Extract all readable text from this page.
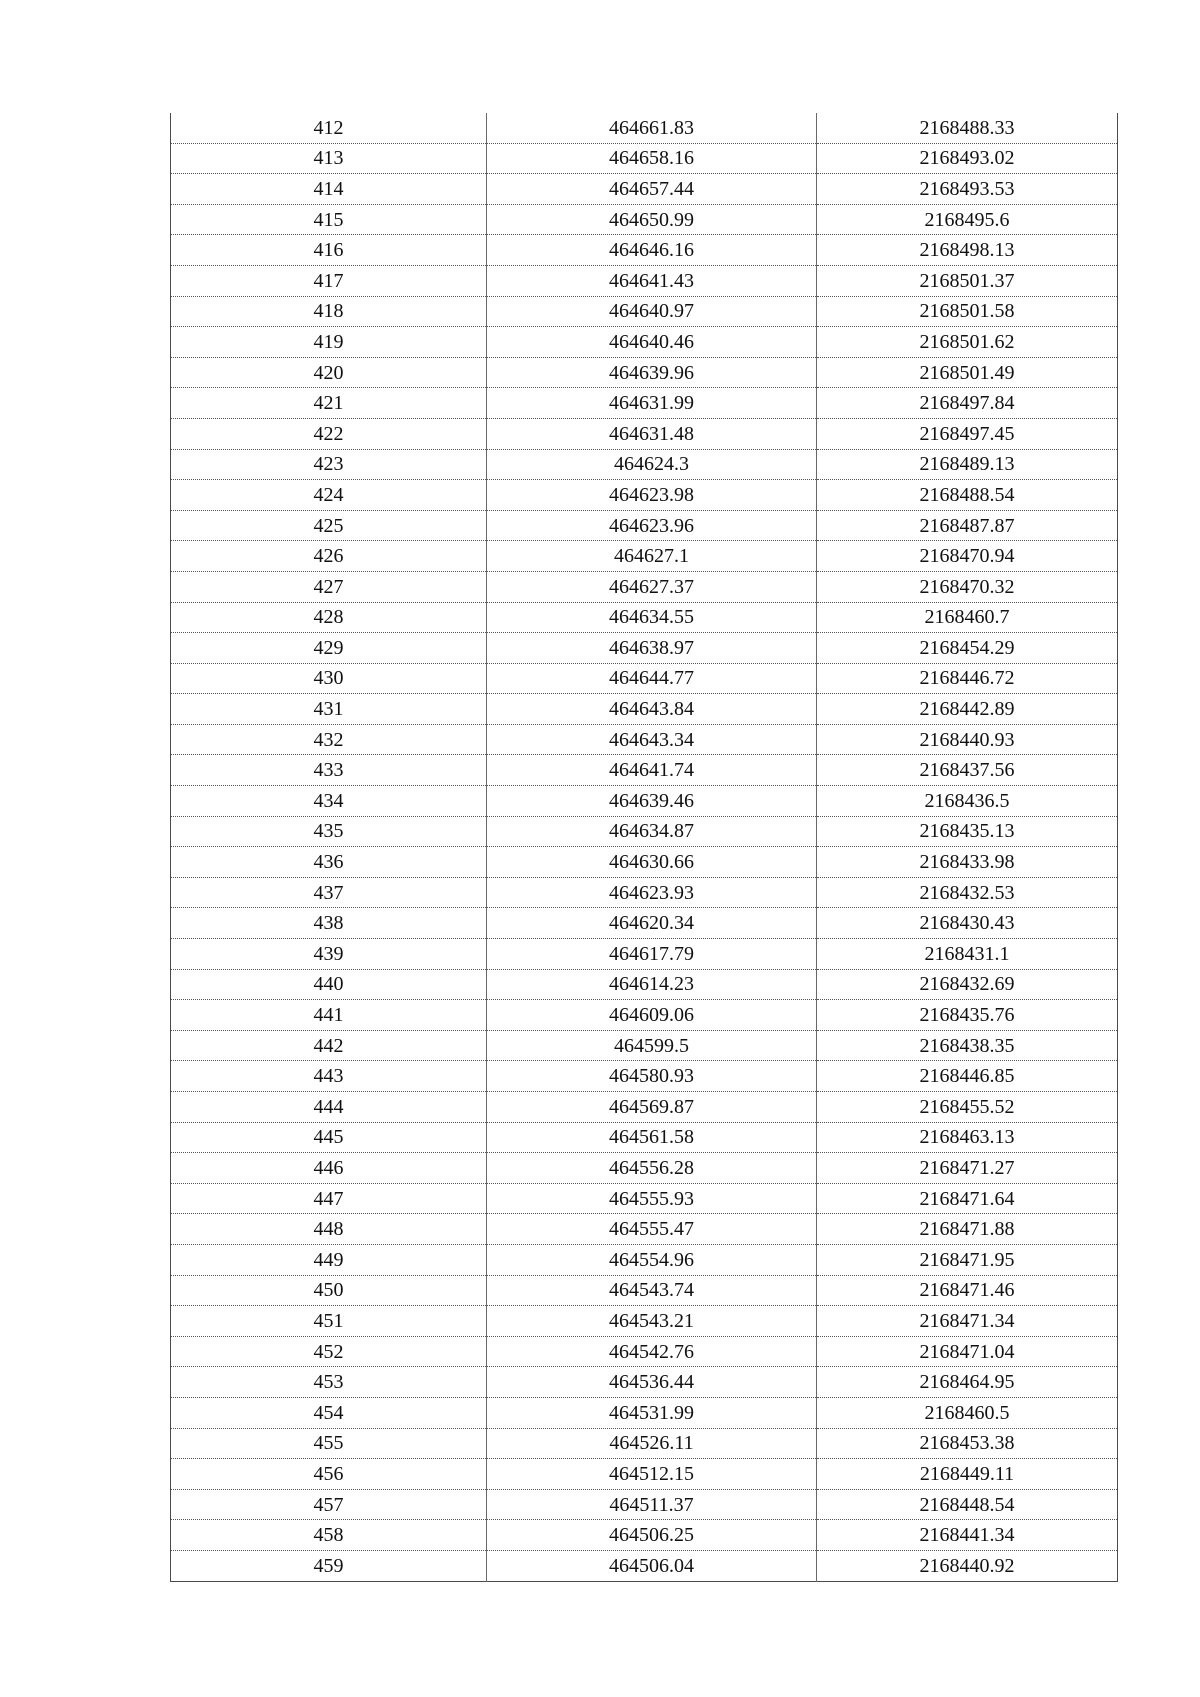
412	464661.83	2168488.33
413	464658.16	2168493.02
414	464657.44	2168493.53
415	464650.99	2168495.6
416	464646.16	2168498.13
417	464641.43	2168501.37
418	464640.97	2168501.58
419	464640.46	2168501.62
420	464639.96	2168501.49
421	464631.99	2168497.84
422	464631.48	2168497.45
423	464624.3	2168489.13
424	464623.98	2168488.54
425	464623.96	2168487.87
426	464627.1	2168470.94
427	464627.37	2168470.32
428	464634.55	2168460.7
429	464638.97	2168454.29
430	464644.77	2168446.72
431	464643.84	2168442.89
432	464643.34	2168440.93
433	464641.74	2168437.56
434	464639.46	2168436.5
435	464634.87	2168435.13
436	464630.66	2168433.98
437	464623.93	2168432.53
438	464620.34	2168430.43
439	464617.79	2168431.1
440	464614.23	2168432.69
441	464609.06	2168435.76
442	464599.5	2168438.35
443	464580.93	2168446.85
444	464569.87	2168455.52
445	464561.58	2168463.13
446	464556.28	2168471.27
447	464555.93	2168471.64
448	464555.47	2168471.88
449	464554.96	2168471.95
450	464543.74	2168471.46
451	464543.21	2168471.34
452	464542.76	2168471.04
453	464536.44	2168464.95
454	464531.99	2168460.5
455	464526.11	2168453.38
456	464512.15	2168449.11
457	464511.37	2168448.54
458	464506.25	2168441.34
459	464506.04	2168440.92
